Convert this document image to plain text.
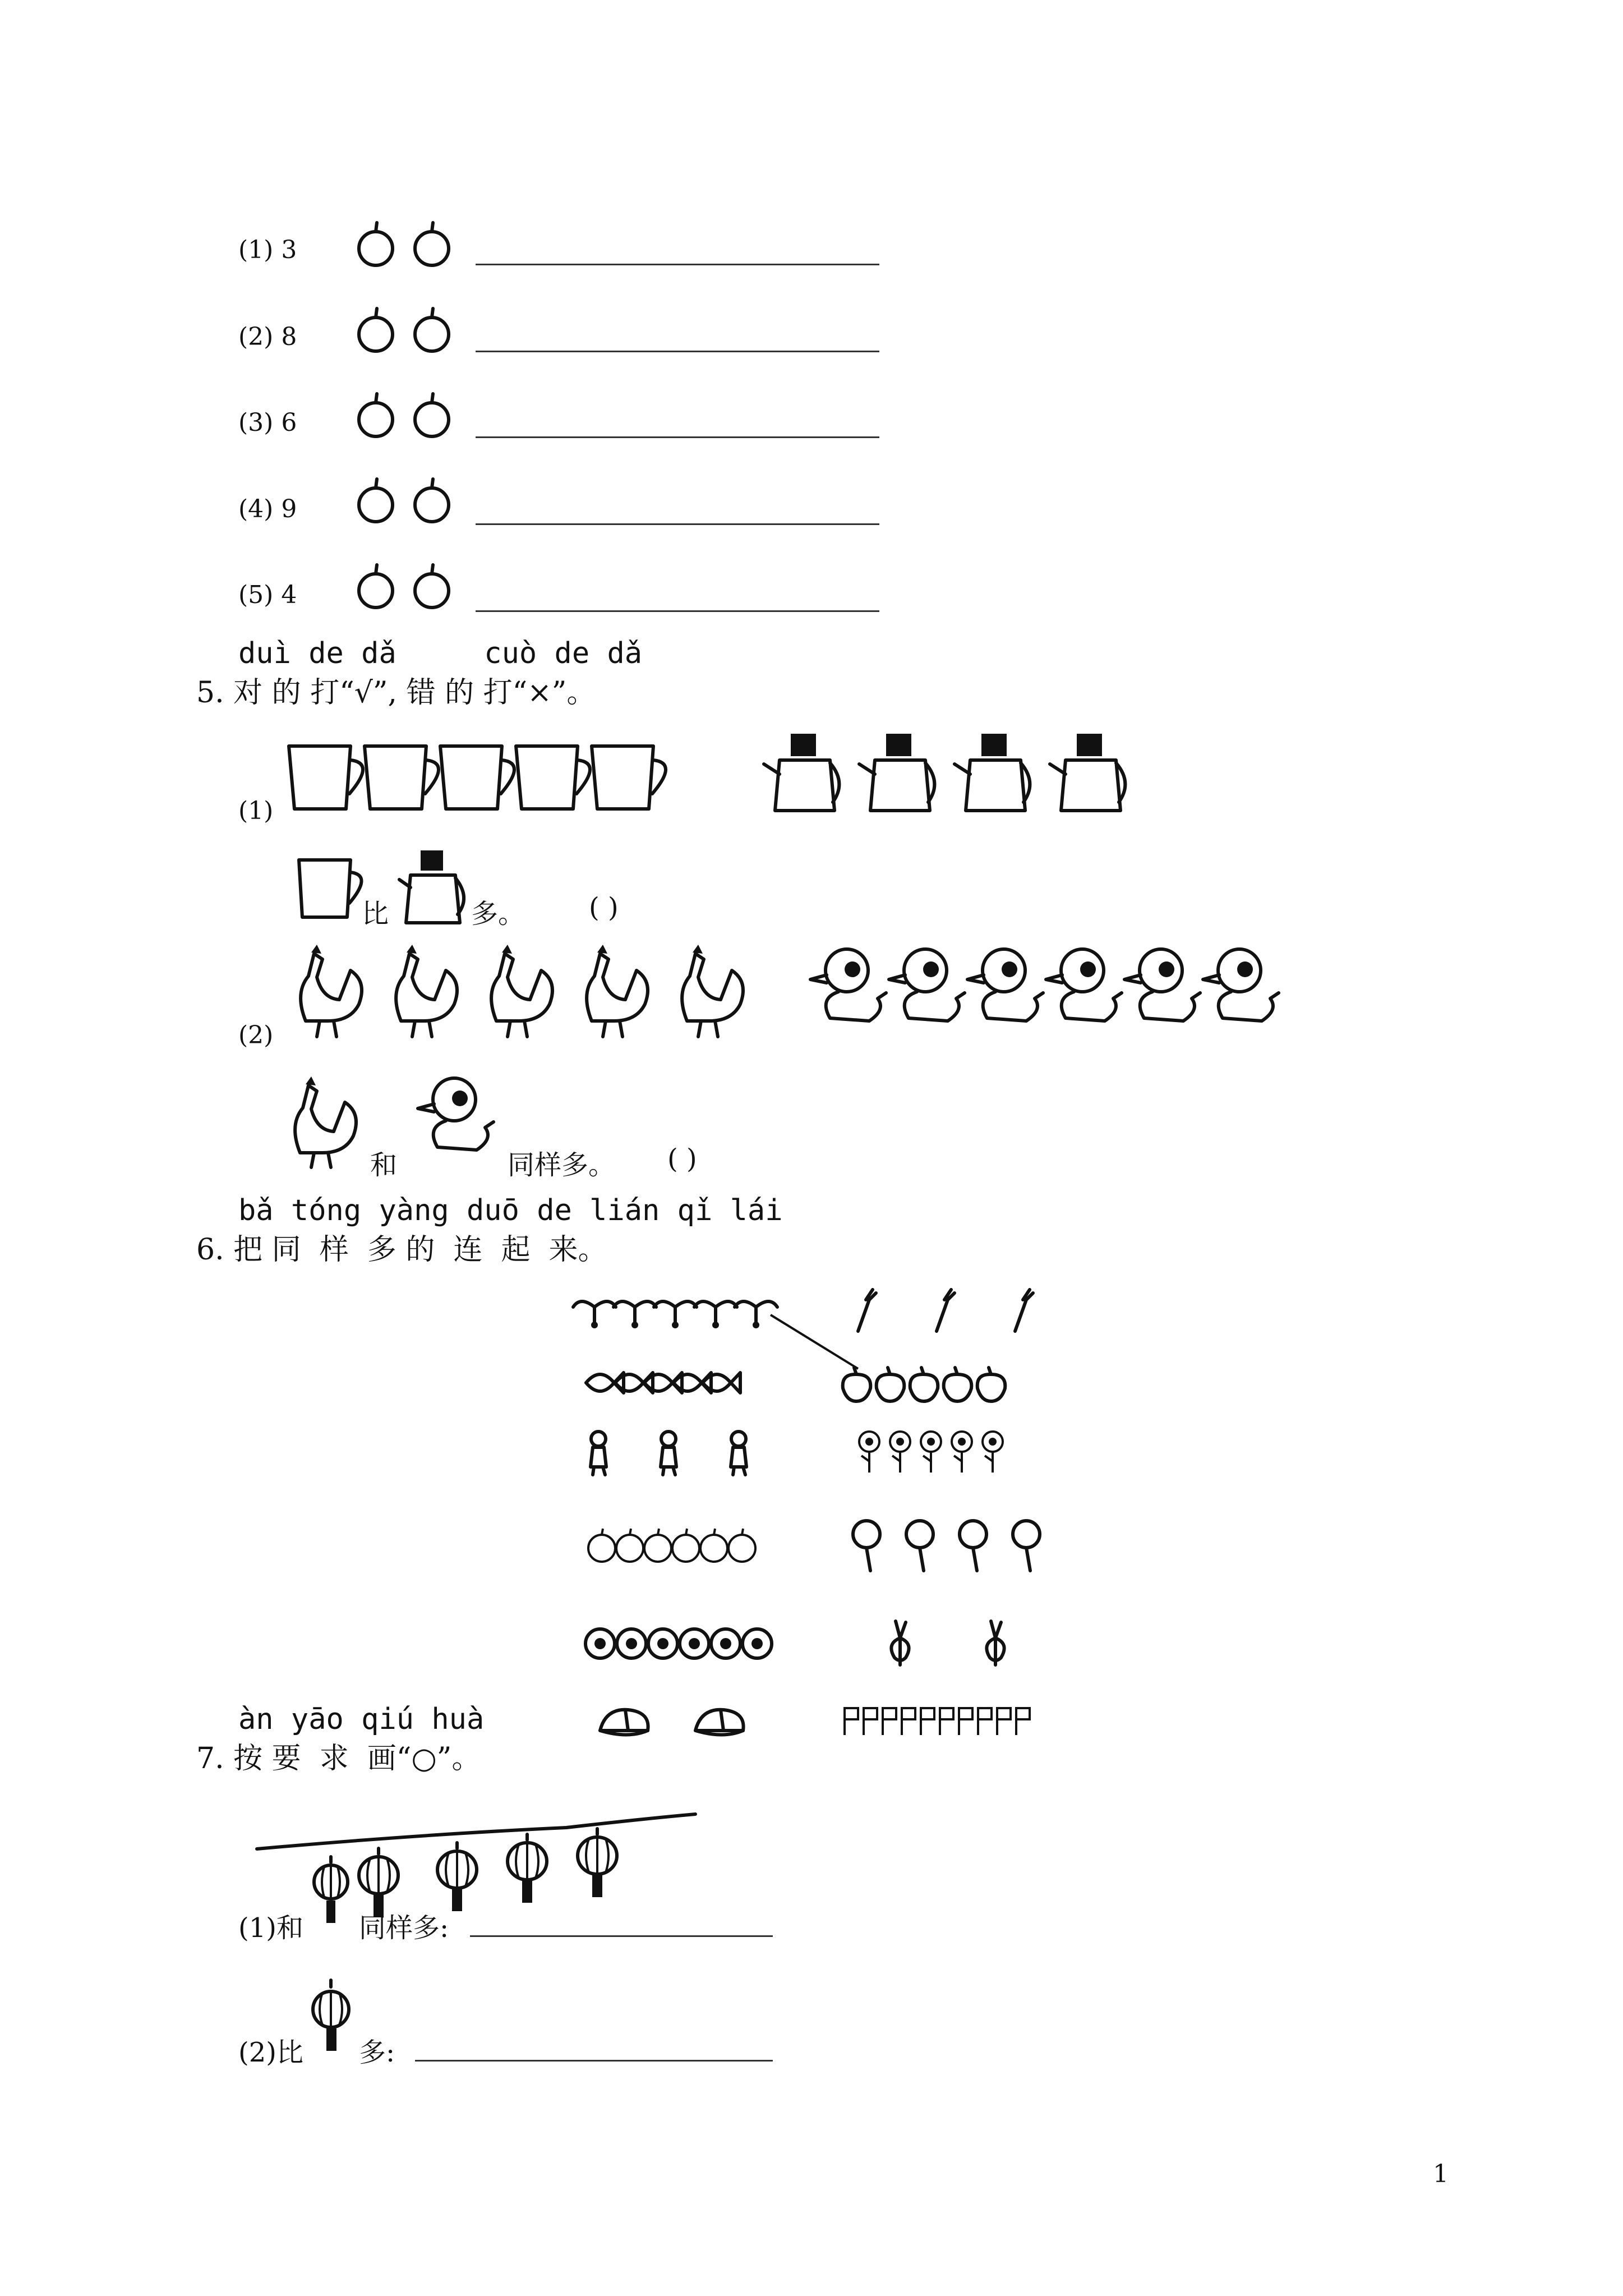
(1) 3
(2) 8
(3) 6
(4) 9
(5) 4
duì de dǎ     cuò de dǎ
5. 对 的 打“√”, 错 的 打“×”。
(1)
比	多。 ( )
(2)
和	同样多。 ( )
bǎ tóng yàng duō de lián qǐ lái
6. 把 同  样  多 的  连  起  来。
àn yāo qiú huà
7. 按 要  求  画“○”。
(1)和 同样多:
(2)比 多:
1
